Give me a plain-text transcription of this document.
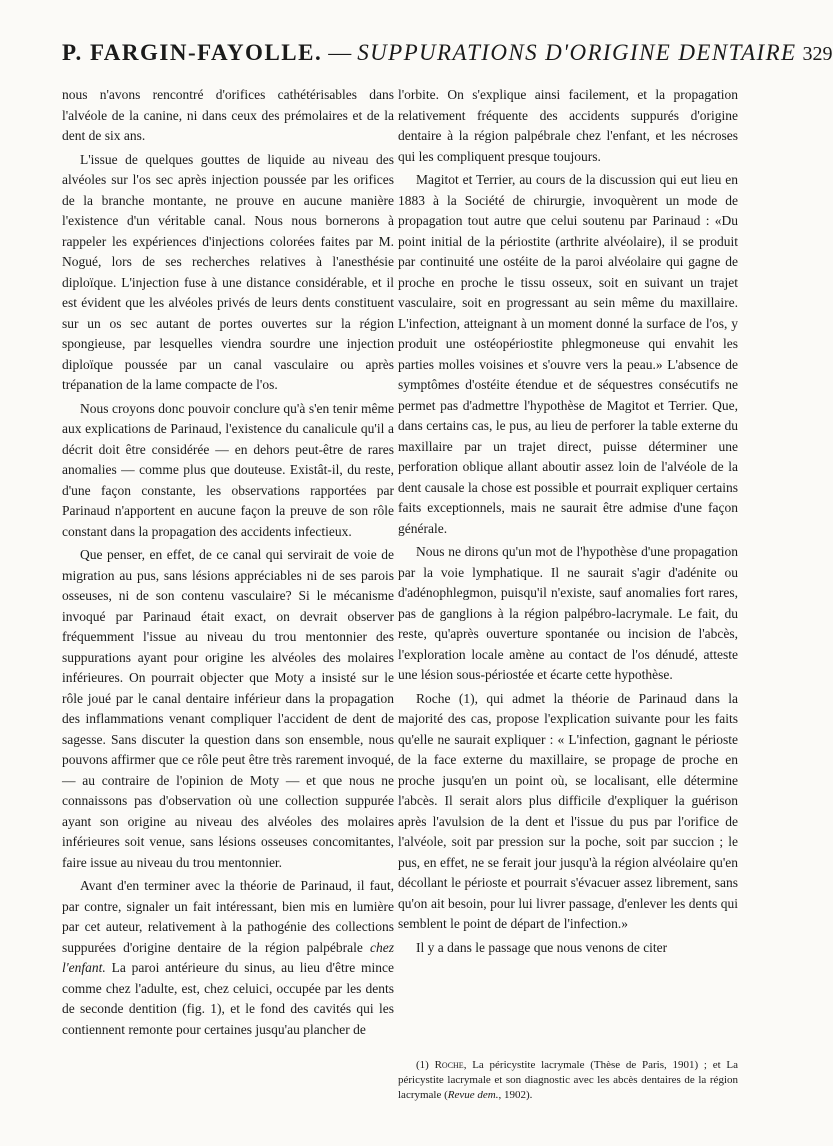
P. FARGIN-FAYOLLE. — SUPPURATIONS D'ORIGINE DENTAIRE 329

nous n'avons rencontré d'orifices cathétérisables dans l'alvéole de la canine, ni dans ceux des prémolaires et de la dent de six ans.

L'issue de quelques gouttes de liquide au niveau des alvéoles sur l'os sec après injection poussée par les orifices de la branche montante, ne prouve en aucune manière l'existence d'un véritable canal. Nous nous bornerons à rappeler les expériences d'injections colorées faites par M. Nogué, lors de ses recherches relatives à l'anesthésie diploïque. L'injection fuse à une distance considérable, et il est évident que les alvéoles privés de leurs dents constituent sur un os sec autant de portes ouvertes sur la région spongieuse, par lesquelles viendra sourdre une injection diploïque poussée par un canal vasculaire ou après trépanation de la lame compacte de l'os.

Nous croyons donc pouvoir conclure qu'à s'en tenir même aux explications de Parinaud, l'existence du canalicule qu'il a décrit doit être considérée — en dehors peut-être de rares anomalies — comme plus que douteuse. Existât-il, du reste, d'une façon constante, les observations rapportées par Parinaud n'apportent en aucune façon la preuve de son rôle constant dans la propagation des accidents infectieux.

Que penser, en effet, de ce canal qui servirait de voie de migration au pus, sans lésions appréciables ni de ses parois osseuses, ni de son contenu vasculaire? Si le mécanisme invoqué par Parinaud était exact, on devrait observer fréquemment l'issue au niveau du trou mentonnier des suppurations ayant pour origine les alvéoles des molaires inférieures. On pourrait objecter que Moty a insisté sur le rôle joué par le canal dentaire inférieur dans la propagation des inflammations venant compliquer l'accident de dent de sagesse. Sans discuter la question dans son ensemble, nous pouvons affirmer que ce rôle peut être très rarement invoqué, — au contraire de l'opinion de Moty — et que nous ne connaissons pas d'observation où une collection suppurée ayant son origine au niveau des alvéoles des molaires inférieures soit venue, sans lésions osseuses concomitantes, faire issue au niveau du trou mentonnier.

Avant d'en terminer avec la théorie de Parinaud, il faut, par contre, signaler un fait intéressant, bien mis en lumière par cet auteur, relativement à la pathogénie des collections suppurées d'origine dentaire de la région palpébrale chez l'enfant. La paroi antérieure du sinus, au lieu d'être mince comme chez l'adulte, est, chez celuici, occupée par les dents de seconde dentition (fig. 1), et le fond des cavités qui les contiennent remonte pour certaines jusqu'au plancher de

l'orbite. On s'explique ainsi facilement, et la propagation relativement fréquente des accidents suppurés d'origine dentaire à la région palpébrale chez l'enfant, et les nécroses qui les compliquent presque toujours.

Magitot et Terrier, au cours de la discussion qui eut lieu en 1883 à la Société de chirurgie, invoquèrent un mode de propagation tout autre que celui soutenu par Parinaud : «Du point initial de la périostite (arthrite alvéolaire), il se produit par continuité une ostéite de la paroi alvéolaire qui gagne de proche en proche le tissu osseux, soit en suivant un trajet vasculaire, soit en progressant au sein même du maxillaire. L'infection, atteignant à un moment donné la surface de l'os, y produit une ostéopériostite phlegmoneuse qui envahit les parties molles voisines et s'ouvre vers la peau.» L'absence de symptômes d'ostéite étendue et de séquestres consécutifs ne permet pas d'admettre l'hypothèse de Magitot et Terrier. Que, dans certains cas, le pus, au lieu de perforer la table externe du maxillaire par un trajet direct, puisse déterminer une perforation oblique allant aboutir assez loin de l'alvéole de la dent causale la chose est possible et pourrait expliquer certains faits exceptionnels, mais ne saurait être admise d'une façon générale.

Nous ne dirons qu'un mot de l'hypothèse d'une propagation par la voie lymphatique. Il ne saurait s'agir d'adénite ou d'adénophlegmon, puisqu'il n'existe, sauf anomalies fort rares, pas de ganglions à la région palpébro-lacrymale. Le fait, du reste, qu'après ouverture spontanée ou incision de l'abcès, l'exploration locale amène au contact de l'os dénudé, atteste une lésion sous-périostée et écarte cette hypothèse.

Roche (1), qui admet la théorie de Parinaud dans la majorité des cas, propose l'explication suivante pour les faits qu'elle ne saurait expliquer : « L'infection, gagnant le périoste de la face externe du maxillaire, se propage de proche en proche jusqu'en un point où, se localisant, elle détermine l'abcès. Il serait alors plus difficile d'expliquer la guérison après l'avulsion de la dent et l'issue du pus par l'orifice de l'alvéole, soit par pression sur la poche, soit par succion ; le pus, en effet, ne se ferait jour jusqu'à la région alvéolaire qu'en décollant le périoste et pourrait s'évacuer assez librement, sans qu'on ait besoin, pour lui livrer passage, d'enlever les dents qui semblent le point de départ de l'infection.»

Il y a dans le passage que nous venons de citer

(1) Roche, La péricystite lacrymale (Thèse de Paris, 1901) ; et La péricystite lacrymale et son diagnostic avec les abcès dentaires de la région lacrymale (Revue dem., 1902).
